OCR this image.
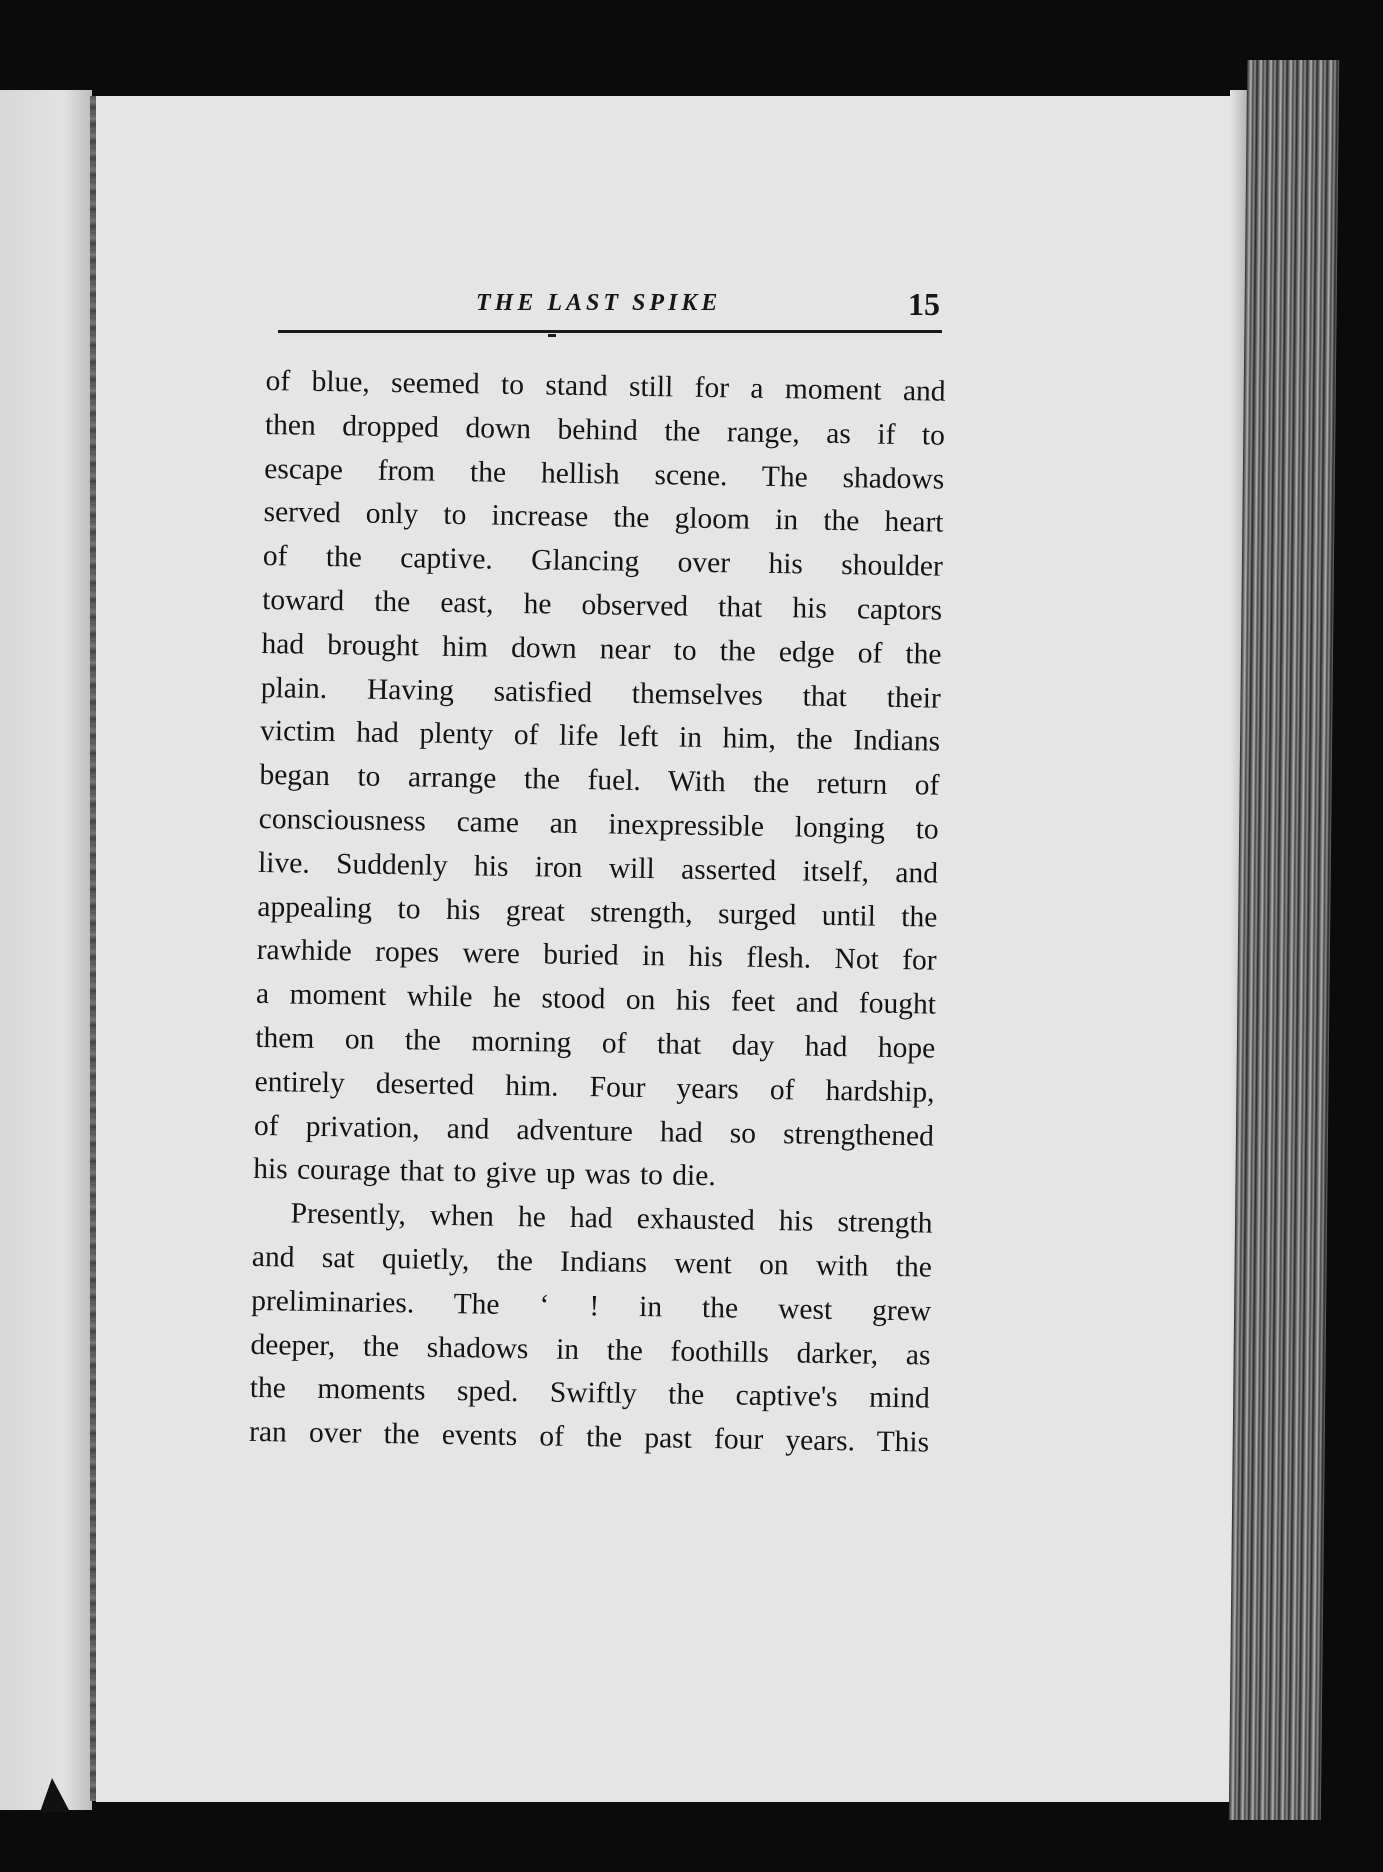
THE LAST SPIKE	15

of blue, seemed to stand still for a moment and
then dropped down behind the range, as if to
escape from the hellish scene. The shadows
served only to increase the gloom in the heart
of the captive. Glancing over his shoulder
toward the east, he observed that his captors
had brought him down near to the edge of the
plain. Having satisfied themselves that their
victim had plenty of life left in him, the Indians
began to arrange the fuel. With the return of
consciousness came an inexpressible longing to
live. Suddenly his iron will asserted itself, and
appealing to his great strength, surged until the
rawhide ropes were buried in his flesh. Not for
a moment while he stood on his feet and fought
them on the morning of that day had hope
entirely deserted him. Four years of hardship,
of privation, and adventure had so strengthened
his courage that to give up was to die.

Presently, when he had exhausted his strength
and sat quietly, the Indians went on with the
preliminaries. The ‘ ! in the west grew
deeper, the shadows in the foothills darker, as
the moments sped. Swiftly the captive's mind
ran over the events of the past four years. This
